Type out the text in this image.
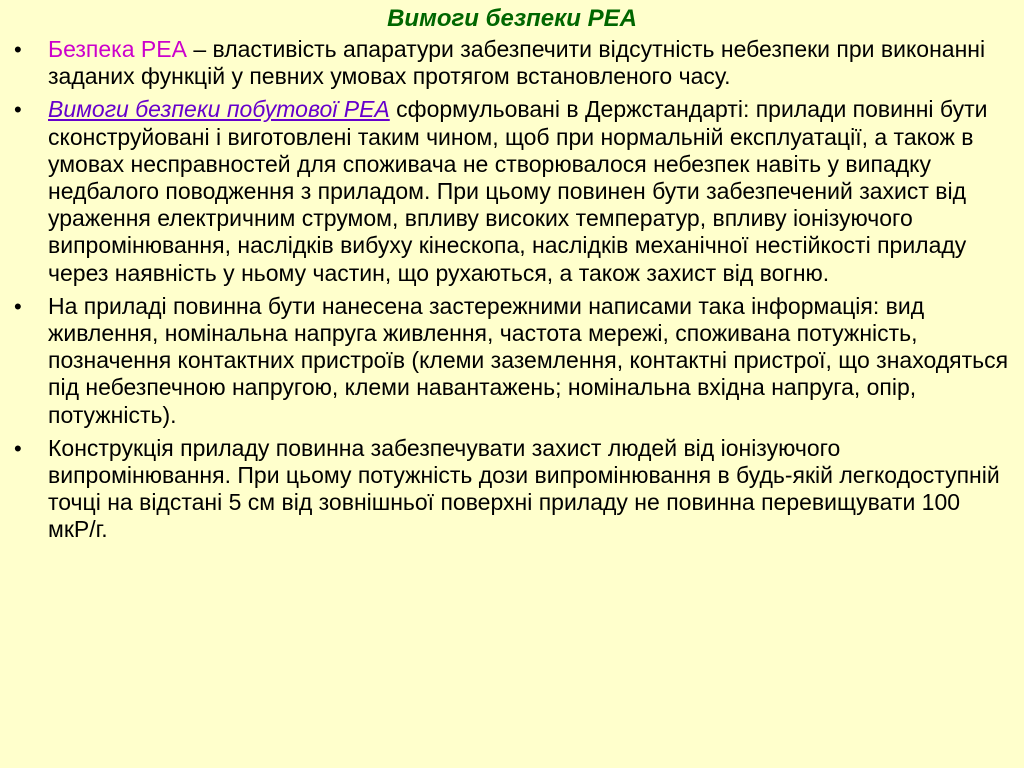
Вимоги безпеки РЕА
•	Безпека РЕА – властивість апаратури забезпечити відсутність небезпеки при виконанні заданих функцій у певних умовах протягом встановленого часу.
•	Вимоги безпеки побутової РЕА сформульовані в Держстандарті: прилади повинні бути сконструйовані і виготовлені таким чином, щоб при нормальній експлуатації, а також в умовах несправностей для споживача не створювалося небезпек навіть у випадку недбалого поводження з приладом. При цьому повинен бути забезпечений захист від ураження електричним струмом, впливу високих температур, впливу іонізуючого випромінювання, наслідків вибуху кінескопа, наслідків механічної нестійкості приладу через наявність у ньому частин, що рухаються, а також захист від вогню.
•	На приладі повинна бути нанесена застережними написами така інформація: вид живлення, номінальна напруга живлення, частота мережі, споживана потужність, позначення контактних пристроїв (клеми заземлення, контактні пристрої, що знаходяться під небезпечною напругою, клеми навантажень; номінальна вхідна напруга, опір, потужність).
•	Конструкція приладу повинна забезпечувати захист людей від іонізуючого випромінювання. При цьому потужність дози випромінювання в будь-якій легкодоступній точці на відстані 5 см від зовнішньої поверхні приладу не повинна перевищувати 100 мкР/г.
